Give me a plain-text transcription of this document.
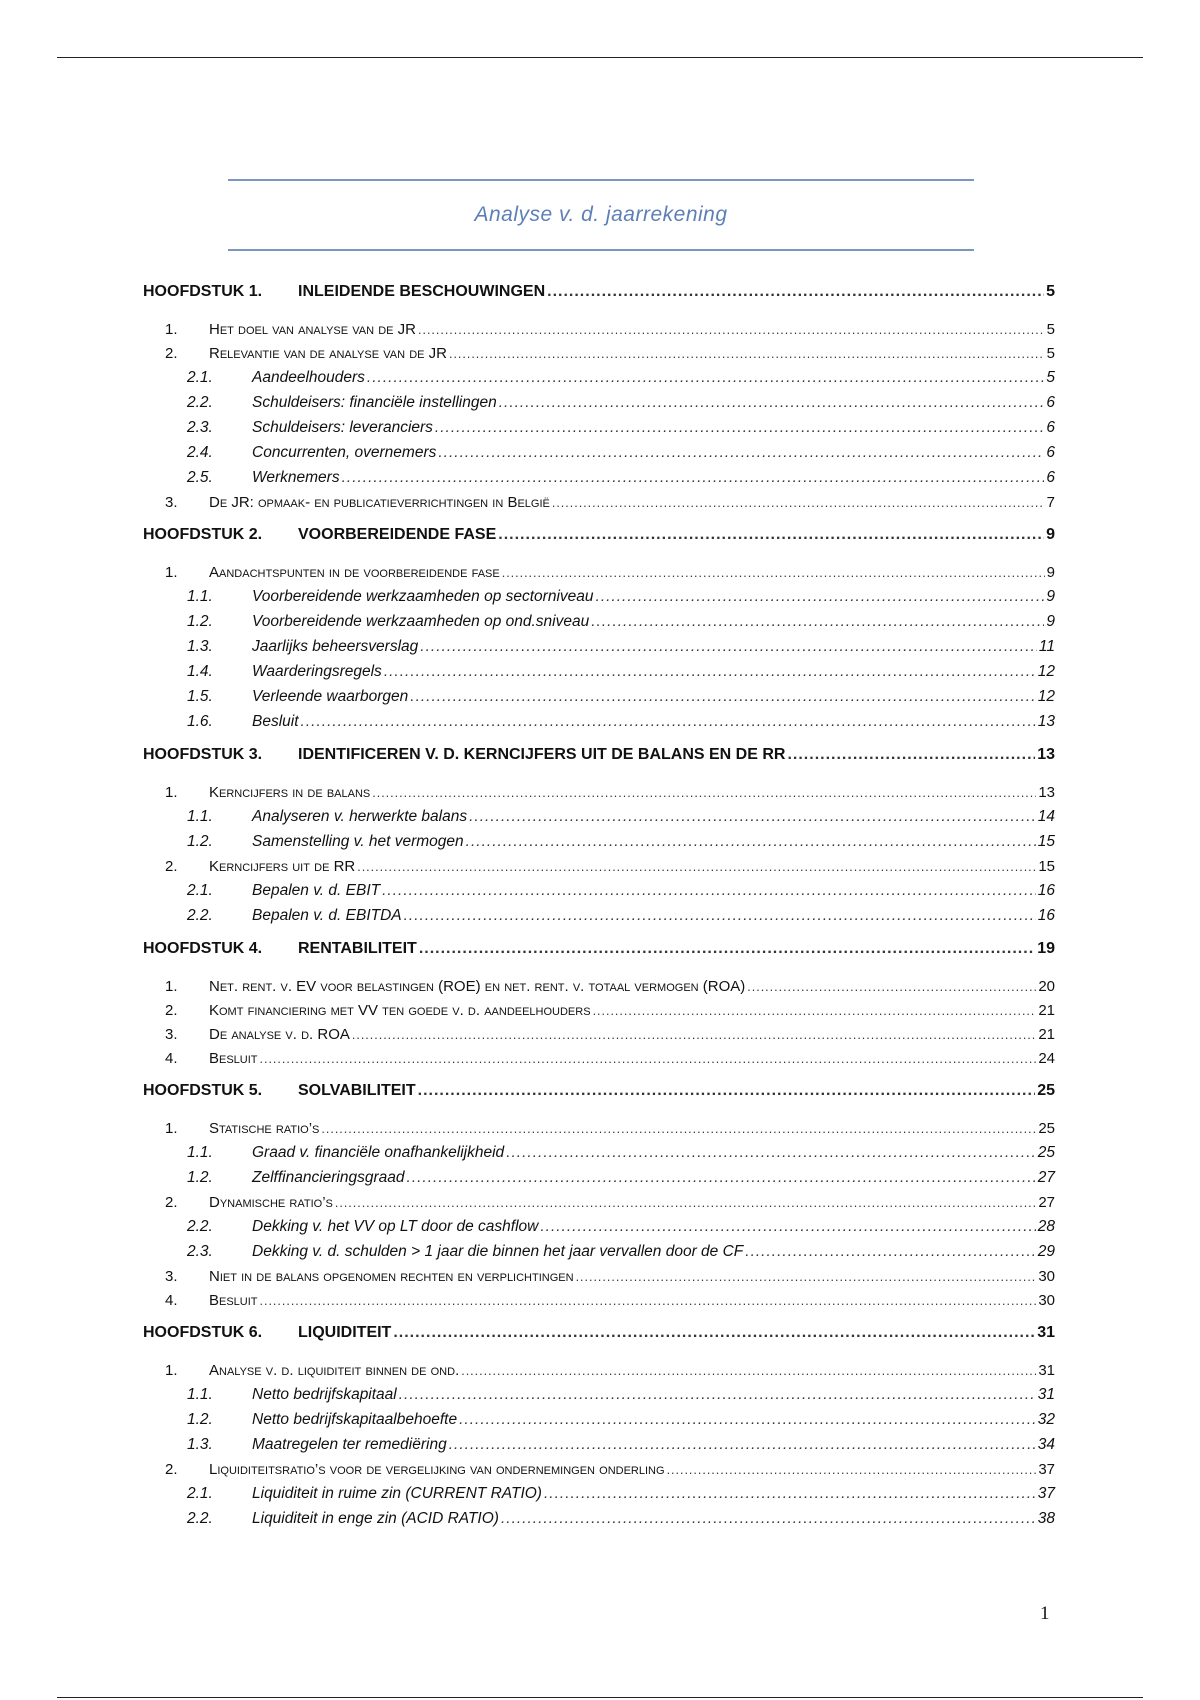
Analyse v. d. jaarrekening
HOOFDSTUK 1.	INLEIDENDE BESCHOUWINGEN .....	5
1.	Het doel van analyse van de JR .....	5
2.	Relevantie van de analyse van de JR .....	5
2.1.	Aandeelhouders .....	5
2.2.	Schuldeisers: financiële instellingen .....	6
2.3.	Schuldeisers: leveranciers .....	6
2.4.	Concurrenten, overnemers .....	6
2.5.	Werknemers .....	6
3.	De JR: opmaak- en publicatieverrichtingen in België .....	7
HOOFDSTUK 2.	VOORBEREIDENDE FASE .....	9
1.	Aandachtspunten in de voorbereidende fase .....	9
1.1.	Voorbereidende werkzaamheden op sectorniveau .....	9
1.2.	Voorbereidende werkzaamheden op ond.sniveau .....	9
1.3.	Jaarlijks beheersverslag .....	11
1.4.	Waarderingsregels .....	12
1.5.	Verleende waarborgen .....	12
1.6.	Besluit .....	13
HOOFDSTUK 3.	IDENTIFICEREN V. D. KERNCIJFERS UIT DE BALANS EN DE RR .....	13
1.	Kerncijfers in de balans .....	13
1.1.	Analyseren v. herwerkte balans .....	14
1.2.	Samenstelling v. het vermogen .....	15
2.	Kerncijfers uit de RR .....	15
2.1.	Bepalen v. d. EBIT .....	16
2.2.	Bepalen v. d. EBITDA .....	16
HOOFDSTUK 4.	RENTABILITEIT .....	19
1.	Net. rent. v. EV voor belastingen (ROE) en net. rent. v. totaal vermogen (ROA) .....	20
2.	Komt financiering met VV ten goede v. d. aandeelhouders .....	21
3.	De analyse v. d. ROA .....	21
4.	Besluit .....	24
HOOFDSTUK 5.	SOLVABILITEIT .....	25
1.	Statische ratio’s .....	25
1.1.	Graad v. financiële onafhankelijkheid .....	25
1.2.	Zelffinancieringsgraad .....	27
2.	Dynamische ratio’s .....	27
2.2.	Dekking v. het VV op LT door de cashflow .....	28
2.3.	Dekking v. d. schulden > 1 jaar die binnen het jaar vervallen door de CF .....	29
3.	Niet in de balans opgenomen rechten en verplichtingen .....	30
4.	Besluit .....	30
HOOFDSTUK 6.	LIQUIDITEIT .....	31
1.	Analyse v. d. liquiditeit binnen de ond. .....	31
1.1.	Netto bedrijfskapitaal .....	31
1.2.	Netto bedrijfskapitaalbehoefte .....	32
1.3.	Maatregelen ter remediëring .....	34
2.	Liquiditeitsratio’s voor de vergelijking van ondernemingen onderling .....	37
2.1.	Liquiditeit in ruime zin (CURRENT RATIO) .....	37
2.2.	Liquiditeit in enge zin (ACID RATIO) .....	38
1
